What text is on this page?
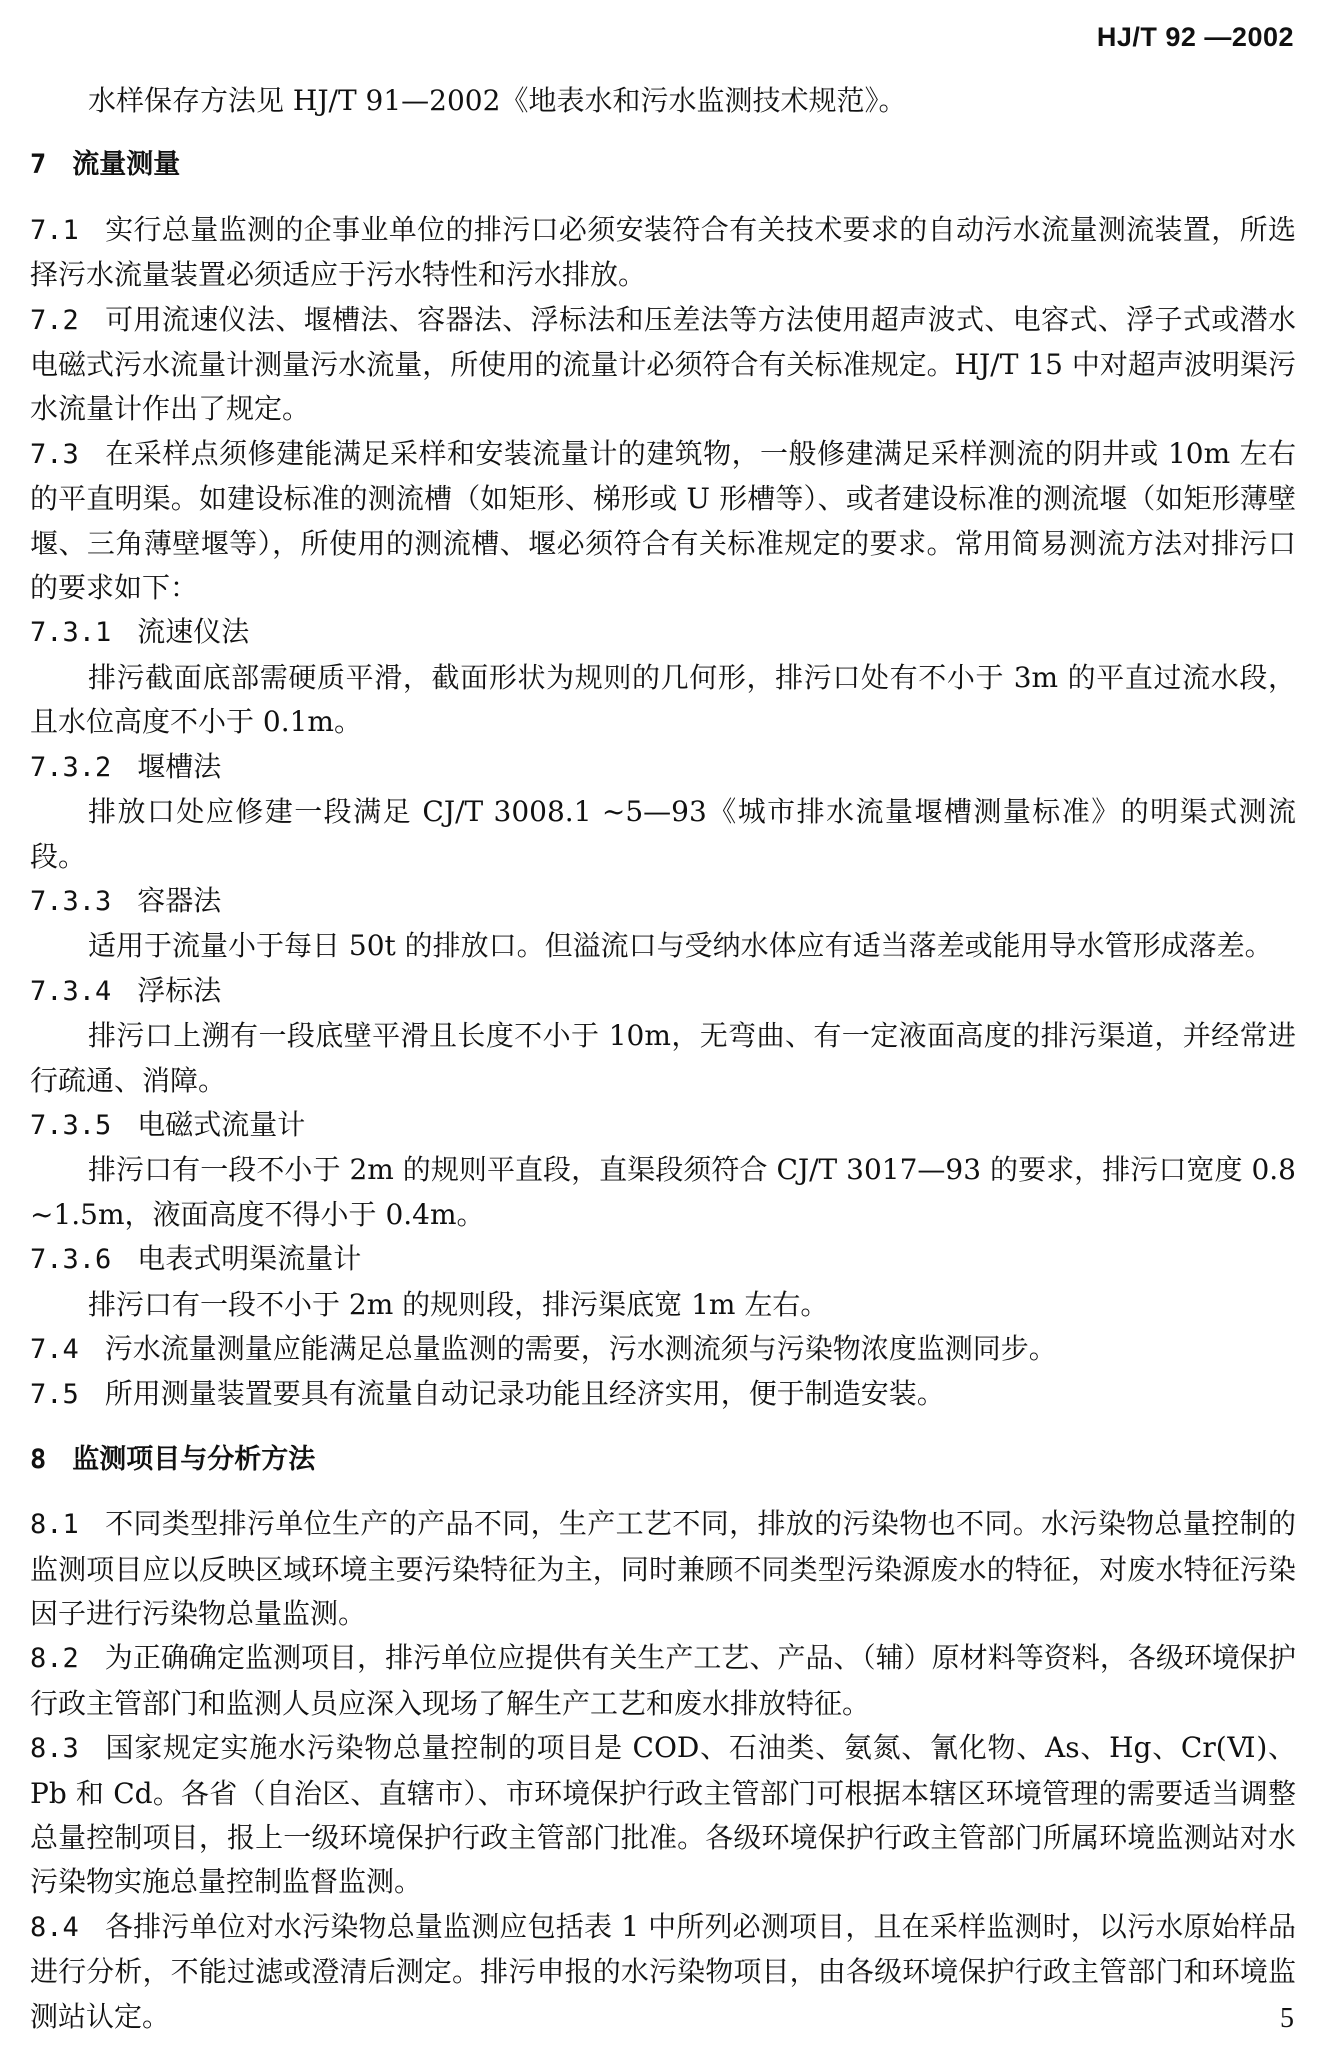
HJ/T 92 —2002

水样保存方法见 HJ/T 91—2002《地表水和污水监测技术规范》。

7 流量测量

7.1 实行总量监测的企事业单位的排污口必须安装符合有关技术要求的自动污水流量测流装置，所选择污水流量装置必须适应于污水特性和污水排放。

7.2 可用流速仪法、堰槽法、容器法、浮标法和压差法等方法使用超声波式、电容式、浮子式或潜水电磁式污水流量计测量污水流量，所使用的流量计必须符合有关标准规定。HJ/T 15 中对超声波明渠污水流量计作出了规定。

7.3 在采样点须修建能满足采样和安装流量计的建筑物，一般修建满足采样测流的阴井或 10m 左右的平直明渠。如建设标准的测流槽（如矩形、梯形或 U 形槽等）、或者建设标准的测流堰（如矩形薄壁堰、三角薄壁堰等），所使用的测流槽、堰必须符合有关标准规定的要求。常用简易测流方法对排污口的要求如下：

7.3.1 流速仪法

排污截面底部需硬质平滑，截面形状为规则的几何形，排污口处有不小于 3m 的平直过流水段，且水位高度不小于 0.1m。

7.3.2 堰槽法

排放口处应修建一段满足 CJ/T 3008.1 ~5—93《城市排水流量堰槽测量标准》的明渠式测流段。

7.3.3 容器法

适用于流量小于每日 50t 的排放口。但溢流口与受纳水体应有适当落差或能用导水管形成落差。

7.3.4 浮标法

排污口上溯有一段底壁平滑且长度不小于 10m，无弯曲、有一定液面高度的排污渠道，并经常进行疏通、消障。

7.3.5 电磁式流量计

排污口有一段不小于 2m 的规则平直段，直渠段须符合 CJ/T 3017—93 的要求，排污口宽度 0.8 ~1.5m，液面高度不得小于 0.4m。

7.3.6 电表式明渠流量计

排污口有一段不小于 2m 的规则段，排污渠底宽 1m 左右。

7.4 污水流量测量应能满足总量监测的需要，污水测流须与污染物浓度监测同步。

7.5 所用测量装置要具有流量自动记录功能且经济实用，便于制造安装。

8 监测项目与分析方法

8.1 不同类型排污单位生产的产品不同，生产工艺不同，排放的污染物也不同。水污染物总量控制的监测项目应以反映区域环境主要污染特征为主，同时兼顾不同类型污染源废水的特征，对废水特征污染因子进行污染物总量监测。

8.2 为正确确定监测项目，排污单位应提供有关生产工艺、产品、（辅）原材料等资料，各级环境保护行政主管部门和监测人员应深入现场了解生产工艺和废水排放特征。

8.3 国家规定实施水污染物总量控制的项目是 COD、石油类、氨氮、氰化物、As、Hg、Cr(Ⅵ)、Pb 和 Cd。各省（自治区、直辖市）、市环境保护行政主管部门可根据本辖区环境管理的需要适当调整总量控制项目，报上一级环境保护行政主管部门批准。各级环境保护行政主管部门所属环境监测站对水污染物实施总量控制监督监测。

8.4 各排污单位对水污染物总量监测应包括表 1 中所列必测项目，且在采样监测时，以污水原始样品进行分析，不能过滤或澄清后测定。排污申报的水污染物项目，由各级环境保护行政主管部门和环境监测站认定。	5
